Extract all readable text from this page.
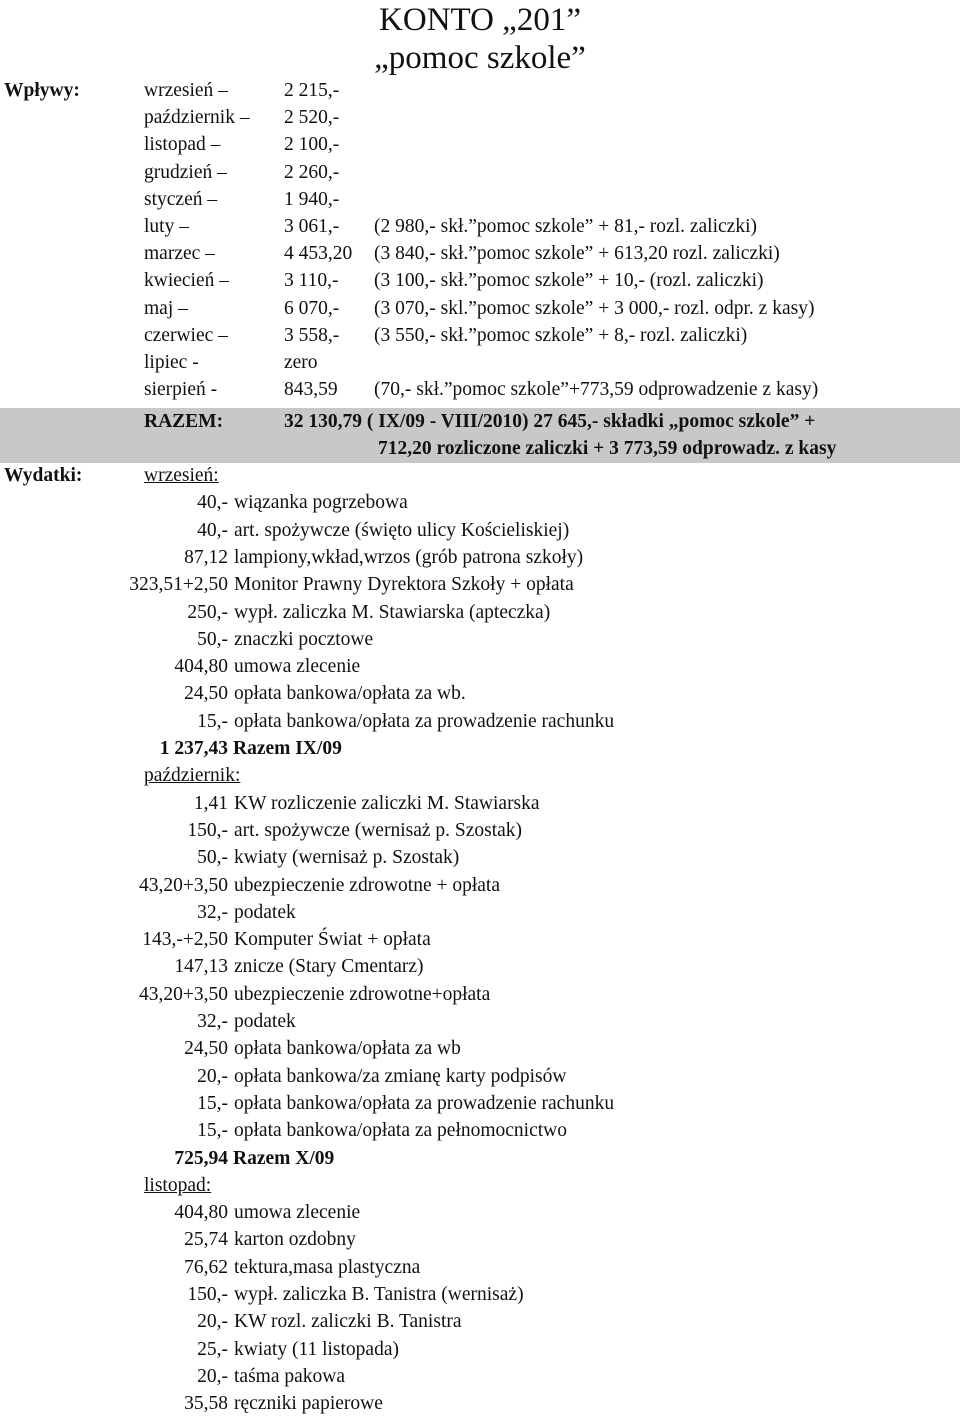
KONTO „201”
„pomoc szkole”
Wpływy:	wrzesień –	2 215,-
październik – 2 520,-
listopad –	2 100,-
grudzień –	2 260,-
styczeń –	1 940,-
luty –	3 061,- (2 980,- skł.”pomoc szkole” + 81,- rozl. zaliczki)
marzec –	4 453,20 (3 840,- skł.”pomoc szkole” + 613,20 rozl. zaliczki)
kwiecień –	3 110,- (3 100,- skł.”pomoc szkole” + 10,- (rozl. zaliczki)
maj –	6 070,- (3 070,- skl.”pomoc szkole” + 3 000,- rozl. odpr. z kasy)
czerwiec –	3 558,- (3 550,- skł.”pomoc szkole” + 8,- rozl. zaliczki)
lipiec -	zero
sierpień -	843,59 (70,- skł.”pomoc szkole”+773,59 odprowadzenie z kasy)
RAZEM:	32 130,79 ( IX/09 - VIII/2010) 27 645,- składki „pomoc szkole” +
712,20 rozliczone zaliczki + 3 773,59 odprowadz. z kasy
Wydatki:	wrzesień:
40,- wiązanka pogrzebowa
40,- art. spożywcze (święto ulicy Kościeliskiej)
87,12 lampiony,wkład,wrzos (grób patrona szkoły)
323,51+2,50 Monitor Prawny Dyrektora Szkoły + opłata
250,- wypł. zaliczka M. Stawiarska (apteczka)
50,- znaczki pocztowe
404,80 umowa zlecenie
24,50 opłata bankowa/opłata za wb.
15,- opłata bankowa/opłata za prowadzenie rachunku
1 237,43 Razem IX/09
październik:
1,41 KW rozliczenie zaliczki M. Stawiarska
150,- art. spożywcze (wernisaż p. Szostak)
50,- kwiaty (wernisaż p. Szostak)
43,20+3,50 ubezpieczenie zdrowotne + opłata
32,- podatek
143,-+2,50 Komputer Świat + opłata
147,13 znicze (Stary Cmentarz)
43,20+3,50 ubezpieczenie zdrowotne+opłata
32,- podatek
24,50 opłata bankowa/opłata za wb
20,- opłata bankowa/za zmianę karty podpisów
15,- opłata bankowa/opłata za prowadzenie rachunku
15,- opłata bankowa/opłata za pełnomocnictwo
725,94 Razem X/09
listopad:
404,80 umowa zlecenie
25,74 karton ozdobny
76,62 tektura,masa plastyczna
150,- wypł. zaliczka B. Tanistra (wernisaż)
20,- KW rozl. zaliczki B. Tanistra
25,- kwiaty (11 listopada)
20,- taśma pakowa
35,58 ręczniki papierowe
